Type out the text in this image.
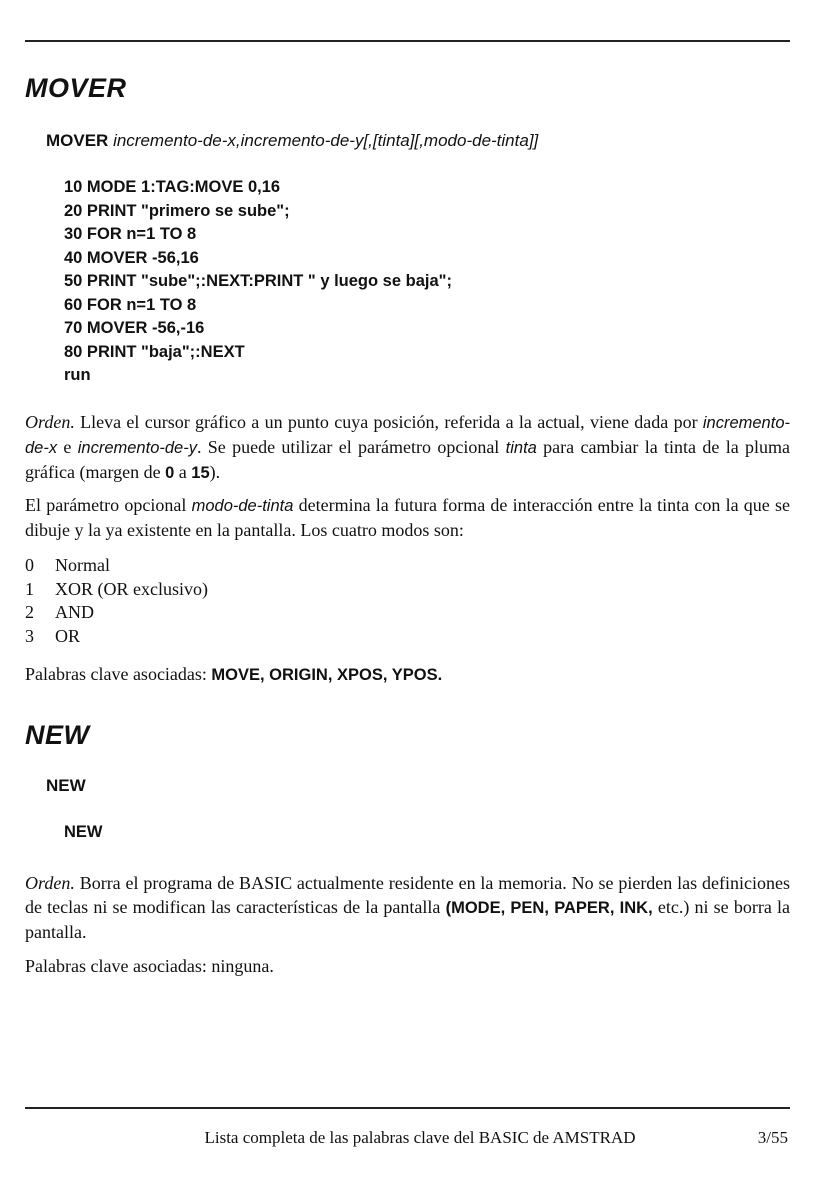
MOVER
MOVER incremento-de-x,incremento-de-y[,[tinta][,modo-de-tinta]]
10 MODE 1:TAG:MOVE 0,16
20 PRINT "primero se sube";
30 FOR n=1 TO 8
40 MOVER -56,16
50 PRINT "sube";:NEXT:PRINT " y luego se baja";
60 FOR n=1 TO 8
70 MOVER -56,-16
80 PRINT "baja";:NEXT
run
Orden. Lleva el cursor gráfico a un punto cuya posición, referida a la actual, viene dada por incremento-de-x e incremento-de-y. Se puede utilizar el parámetro opcional tinta para cambiar la tinta de la pluma gráfica (margen de 0 a 15).
El parámetro opcional modo-de-tinta determina la futura forma de interacción entre la tinta con la que se dibuje y la ya existente en la pantalla. Los cuatro modos son:
0 Normal
1 XOR (OR exclusivo)
2 AND
3 OR
Palabras clave asociadas: MOVE, ORIGIN, XPOS, YPOS.
NEW
NEW
NEW
Orden. Borra el programa de BASIC actualmente residente en la memoria. No se pierden las definiciones de teclas ni se modifican las características de la pantalla (MODE, PEN, PAPER, INK, etc.) ni se borra la pantalla.
Palabras clave asociadas: ninguna.
Lista completa de las palabras clave del BASIC de AMSTRAD	3/55
